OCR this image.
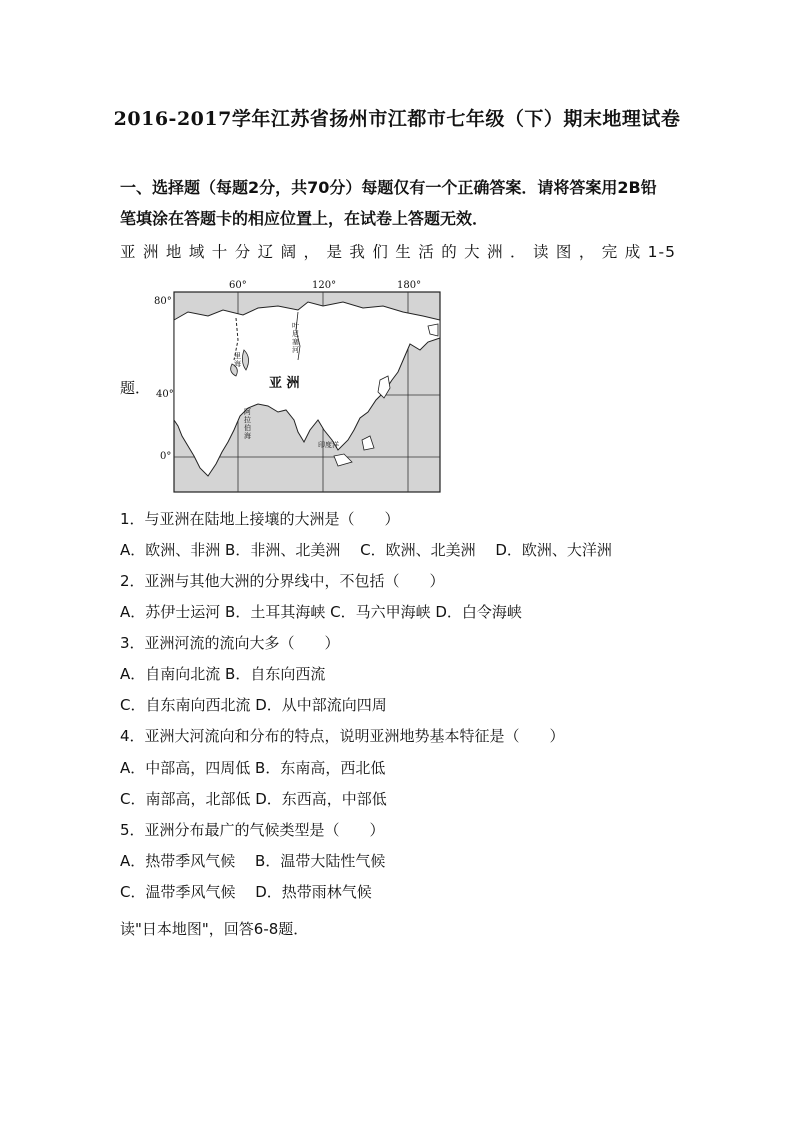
2016-2017学年江苏省扬州市江都市七年级（下）期末地理试卷
一、选择题（每题2分，共70分）每题仅有一个正确答案．请将答案用2B铅
笔填涂在答题卡的相应位置上，在试卷上答题无效．
亚洲地域十分辽阔，是我们生活的大洲．读图，完成1-5
题．
60°	120°	180°
80°
40°
0°
亚 洲
叶尼塞河
印度洋
阿拉伯海
里海
1．与亚洲在陆地上接壤的大洲是（　　）
A．欧洲、非洲 B．非洲、北美洲　 C．欧洲、北美洲　 D．欧洲、大洋洲
2．亚洲与其他大洲的分界线中，不包括（　　）
A．苏伊士运河 B．土耳其海峡 C．马六甲海峡 D．白令海峡
3．亚洲河流的流向大多（　　）
A．自南向北流 B．自东向西流
C．自东南向西北流 D．从中部流向四周
4．亚洲大河流向和分布的特点，说明亚洲地势基本特征是（　　）
A．中部高，四周低 B．东南高，西北低
C．南部高，北部低 D．东西高，中部低
5．亚洲分布最广的气候类型是（　　）
A．热带季风气候　 B．温带大陆性气候
C．温带季风气候　 D．热带雨林气候
读"日本地图"，回答6-8题．
